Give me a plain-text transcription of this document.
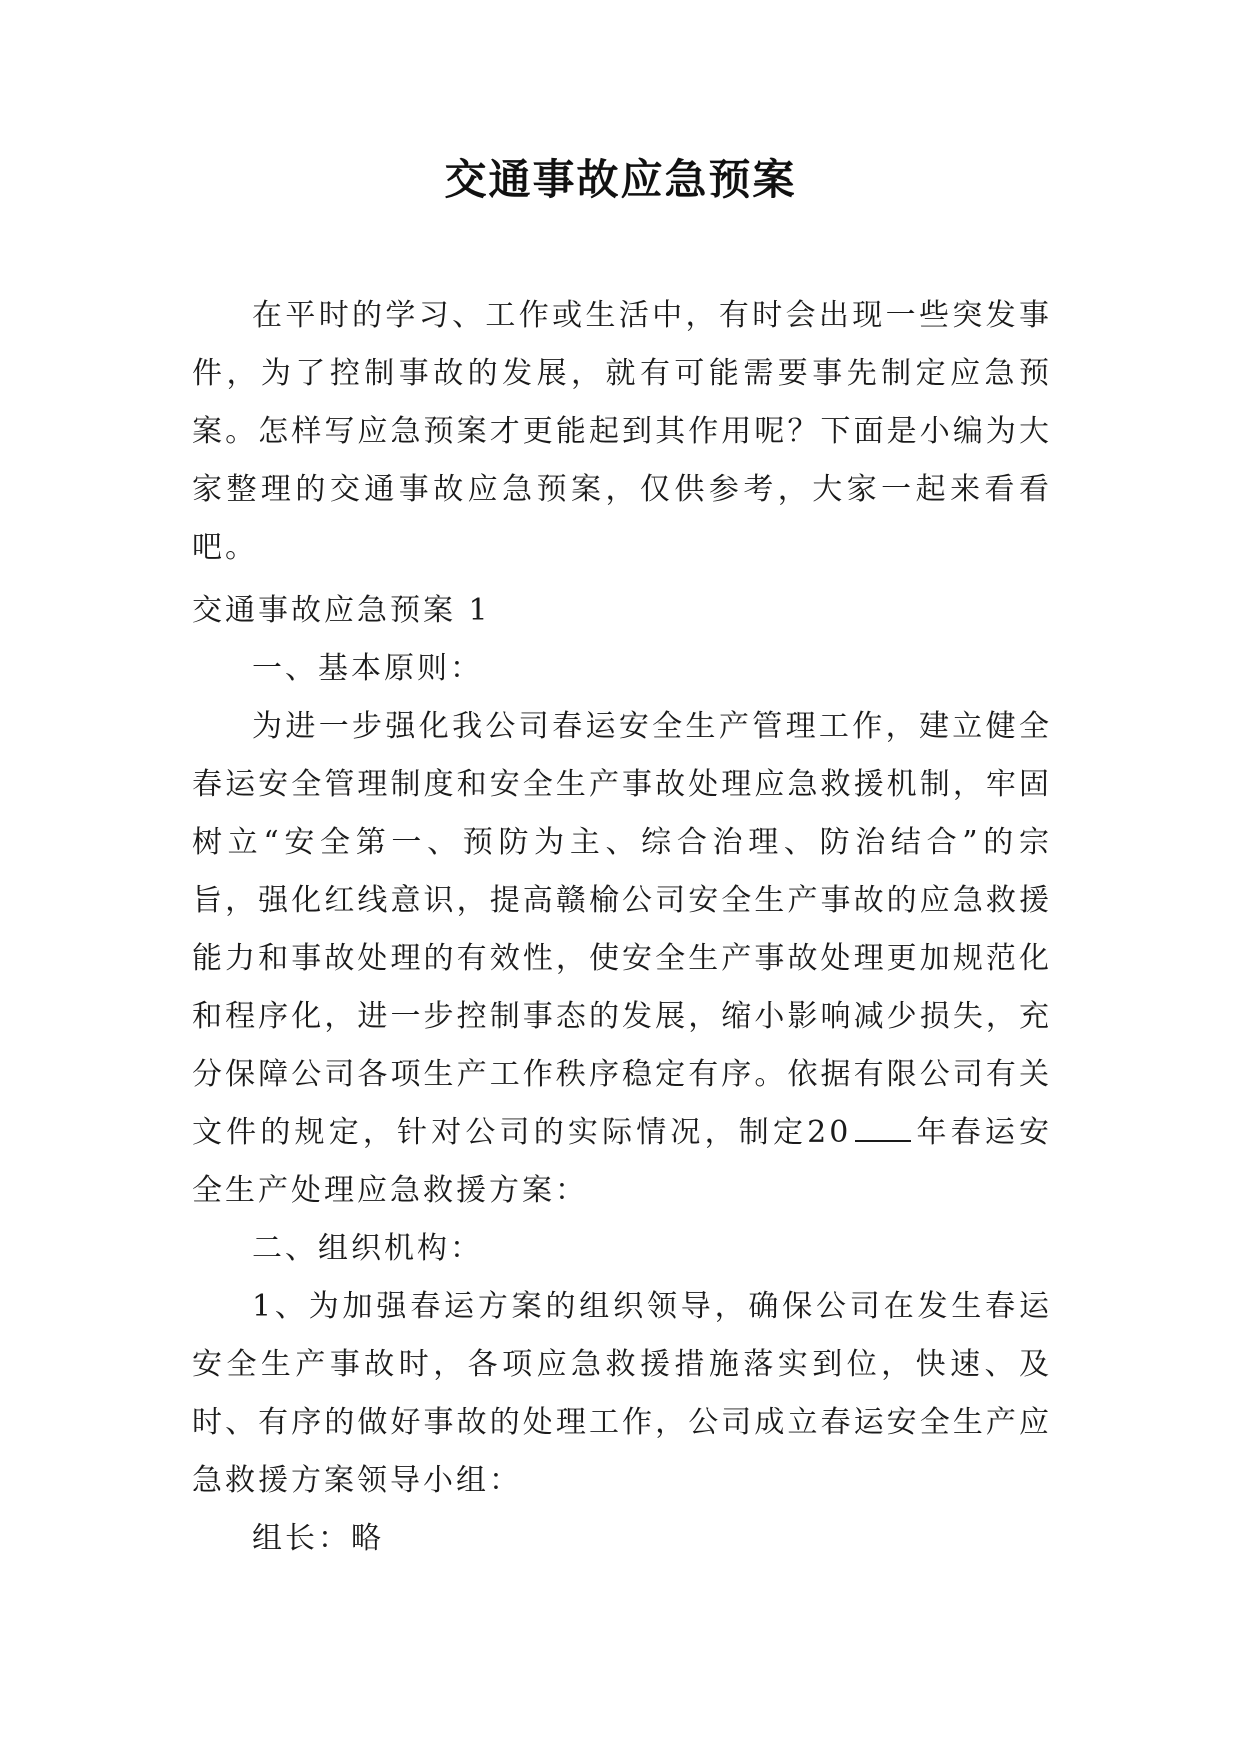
交通事故应急预案
在平时的学习、工作或生活中，有时会出现一些突发事件，为了控制事故的发展，就有可能需要事先制定应急预案。怎样写应急预案才更能起到其作用呢？下面是小编为大家整理的交通事故应急预案，仅供参考，大家一起来看看吧。

交通事故应急预案 1

一、基本原则：

为进一步强化我公司春运安全生产管理工作，建立健全春运安全管理制度和安全生产事故处理应急救援机制，牢固树立“安全第一、预防为主、综合治理、防治结合”的宗旨，强化红线意识，提高赣榆公司安全生产事故的应急救援能力和事故处理的有效性，使安全生产事故处理更加规范化和程序化，进一步控制事态的发展，缩小影响减少损失，充分保障公司各项生产工作秩序稳定有序。依据有限公司有关文件的规定，针对公司的实际情况，制定20 年春运安全生产处理应急救援方案：

二、组织机构：

1、为加强春运方案的组织领导，确保公司在发生春运安全生产事故时，各项应急救援措施落实到位，快速、及时、有序的做好事故的处理工作，公司成立春运安全生产应急救援方案领导小组：

组长：略
